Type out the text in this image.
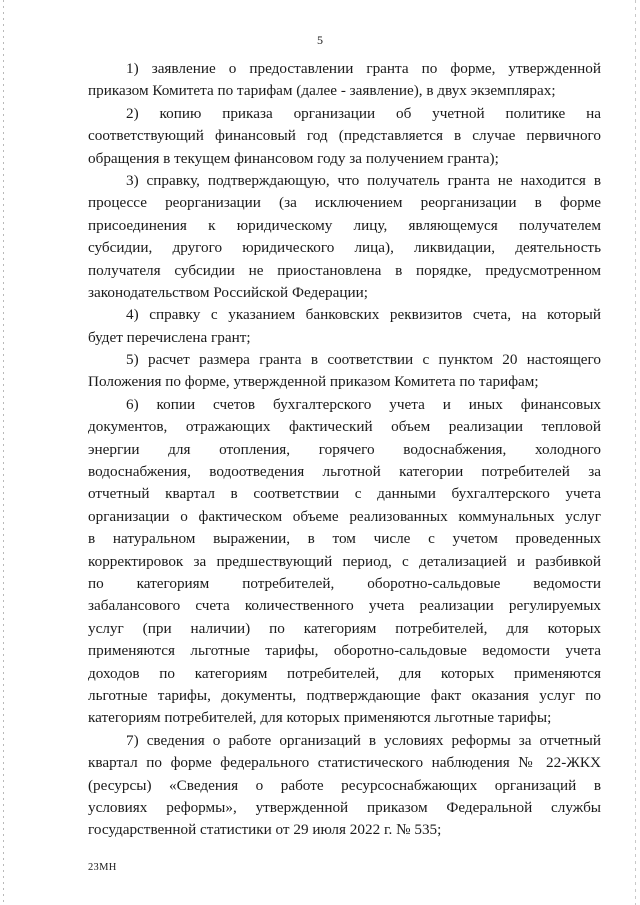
5
1) заявление о предоставлении гранта по форме, утвержденной
приказом Комитета по тарифам (далее - заявление), в двух экземплярах;
2) копию приказа организации об учетной политике на
соответствующий финансовый год (представляется в случае первичного
обращения в текущем финансовом году за получением гранта);
3) справку, подтверждающую, что получатель гранта не находится в
процессе реорганизации (за исключением реорганизации в форме
присоединения к юридическому лицу, являющемуся получателем
субсидии, другого юридического лица), ликвидации, деятельность
получателя субсидии не приостановлена в порядке, предусмотренном
законодательством Российской Федерации;
4) справку с указанием банковских реквизитов счета, на который
будет перечислена грант;
5) расчет размера гранта в соответствии с пунктом 20 настоящего
Положения по форме, утвержденной приказом Комитета по тарифам;
6) копии счетов бухгалтерского учета и иных финансовых
документов, отражающих фактический объем реализации тепловой
энергии для отопления, горячего водоснабжения, холодного
водоснабжения, водоотведения льготной категории потребителей за
отчетный квартал в соответствии с данными бухгалтерского учета
организации о фактическом объеме реализованных коммунальных услуг
в натуральном выражении, в том числе с учетом проведенных
корректировок за предшествующий период, с детализацией и разбивкой
по категориям потребителей, оборотно-сальдовые ведомости
забалансового счета количественного учета реализации регулируемых
услуг (при наличии) по категориям потребителей, для которых
применяются льготные тарифы, оборотно-сальдовые ведомости учета
доходов по категориям потребителей, для которых применяются
льготные тарифы, документы, подтверждающие факт оказания услуг по
категориям потребителей, для которых применяются льготные тарифы;
7) сведения о работе организаций в условиях реформы за отчетный
квартал по форме федерального статистического наблюдения № 22-ЖКХ
(ресурсы) «Сведения о работе ресурсоснабжающих организаций в
условиях реформы», утвержденной приказом Федеральной службы
государственной статистики от 29 июля 2022 г. № 535;
23МН
